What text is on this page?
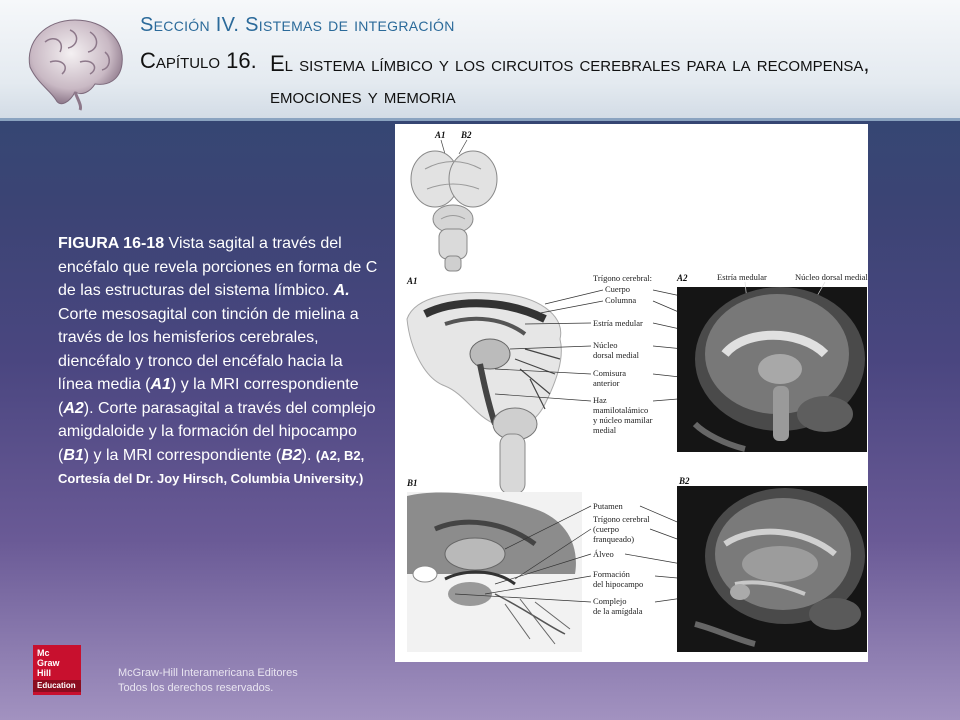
Sección IV. Sistemas de integración
Capítulo 16. El sistema límbico y los circuitos cerebrales para la recompensa, emociones y memoria
FIGURA 16-18 Vista sagital a través del encéfalo que revela porciones en forma de C de las estructuras del sistema límbico. A. Corte mesosagital con tinción de mielina a través de los hemisferios cerebrales, diencéfalo y tronco del encéfalo hacia la línea media (A1) y la MRI correspondiente (A2). Corte parasagital a través del complejo amigdaloide y la formación del hipocampo (B1) y la MRI correspondiente (B2). (A2, B2, Cortesía del Dr. Joy Hirsch, Columbia University.)
A1 B2
A1	Trígono cerebral:
Cuerpo
Columna
Estría medular
Núcleo
dorsal medial
Comisura
anterior
Haz
mamilotalámico
y núcleo mamilar
medial
A2	Estría medular	Núcleo dorsal medial
B1
Putamen
Trígono cerebral
(cuerpo
franqueado)
Álveo
Formación
del hipocampo
Complejo
de la amígdala
B2
Mc
Graw
Hill
Education
McGraw-Hill Interamericana Editores
Todos los derechos reservados.
